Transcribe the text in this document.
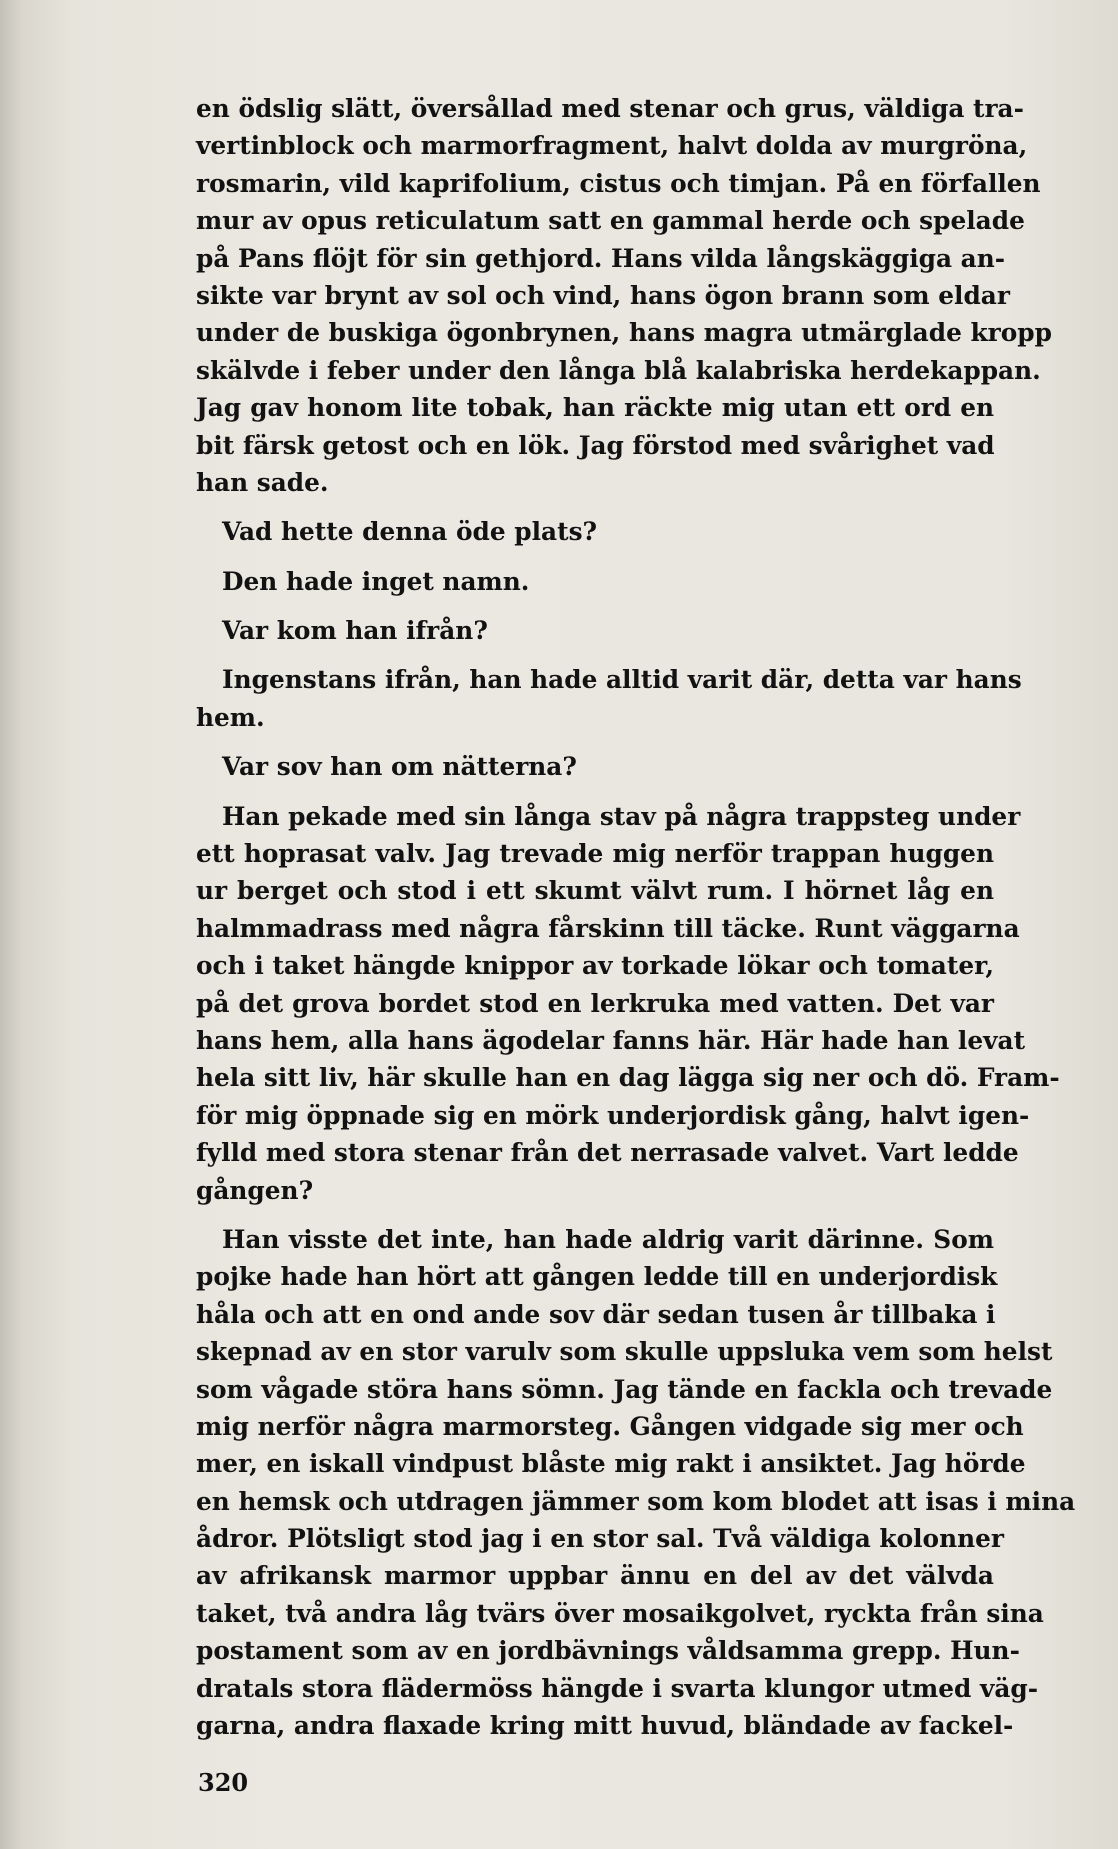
en ödslig slätt, översållad med stenar och grus, väldiga tra-
vertinblock och marmorfragment, halvt dolda av murgröna,
rosmarin, vild kaprifolium, cistus och timjan. På en förfallen
mur av opus reticulatum satt en gammal herde och spelade
på Pans flöjt för sin gethjord. Hans vilda långskäggiga an-
sikte var brynt av sol och vind, hans ögon brann som eldar
under de buskiga ögonbrynen, hans magra utmärglade kropp
skälvde i feber under den långa blå kalabriska herdekappan.
Jag gav honom lite tobak, han räckte mig utan ett ord en
bit färsk getost och en lök. Jag förstod med svårighet vad
han sade.
Vad hette denna öde plats?
Den hade inget namn.
Var kom han ifrån?
Ingenstans ifrån, han hade alltid varit där, detta var hans
hem.
Var sov han om nätterna?
Han pekade med sin långa stav på några trappsteg under
ett hoprasat valv. Jag trevade mig nerför trappan huggen
ur berget och stod i ett skumt välvt rum. I hörnet låg en
halmmadrass med några fårskinn till täcke. Runt väggarna
och i taket hängde knippor av torkade lökar och tomater,
på det grova bordet stod en lerkruka med vatten. Det var
hans hem, alla hans ägodelar fanns här. Här hade han levat
hela sitt liv, här skulle han en dag lägga sig ner och dö. Fram-
för mig öppnade sig en mörk underjordisk gång, halvt igen-
fylld med stora stenar från det nerrasade valvet. Vart ledde
gången?
Han visste det inte, han hade aldrig varit därinne. Som
pojke hade han hört att gången ledde till en underjordisk
håla och att en ond ande sov där sedan tusen år tillbaka i
skepnad av en stor varulv som skulle uppsluka vem som helst
som vågade störa hans sömn. Jag tände en fackla och trevade
mig nerför några marmorsteg. Gången vidgade sig mer och
mer, en iskall vindpust blåste mig rakt i ansiktet. Jag hörde
en hemsk och utdragen jämmer som kom blodet att isas i mina
ådror. Plötsligt stod jag i en stor sal. Två väldiga kolonner
av afrikansk marmor uppbar ännu en del av det välvda
taket, två andra låg tvärs över mosaikgolvet, ryckta från sina
postament som av en jordbävnings våldsamma grepp. Hun-
dratals stora flädermöss hängde i svarta klungor utmed väg-
garna, andra flaxade kring mitt huvud, bländade av fackel-
320
